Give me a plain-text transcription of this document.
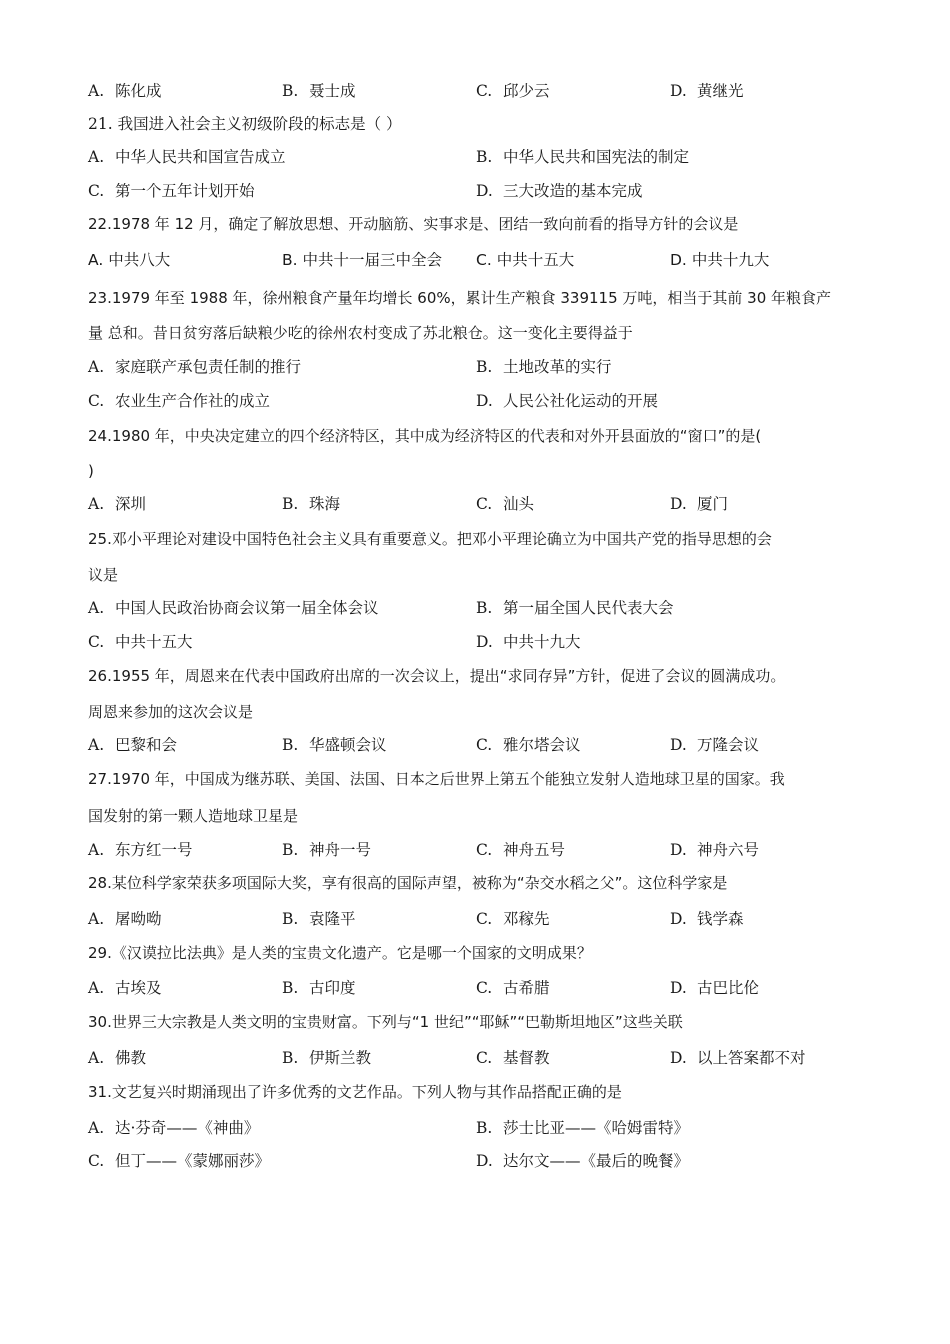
A. 陈化成	B. 聂士成	C. 邱少云	D. 黄继光
21. 我国进入社会主义初级阶段的标志是（ ）
A. 中华人民共和国宣告成立	B. 中华人民共和国宪法的制定
C. 第一个五年计划开始	D. 三大改造的基本完成
22.1978 年 12 月，确定了解放思想、开动脑筋、实事求是、团结一致向前看的指导方针的会议是
A. 中共八大	B. 中共十一届三中全会 C. 中共十五大	D. 中共十九大
23.1979 年至 1988 年，徐州粮食产量年均增长 60%，累计生产粮食 339115 万吨，相当于其前 30 年粮食产
量 总和。昔日贫穷落后缺粮少吃的徐州农村变成了苏北粮仓。这一变化主要得益于
A. 家庭联产承包责任制的推行	B. 土地改革的实行
C. 农业生产合作社的成立	D. 人民公社化运动的开展
24.1980 年，中央决定建立的四个经济特区，其中成为经济特区的代表和对外开县面放的“窗口”的是(
)
A. 深圳	B. 珠海	C. 汕头	D. 厦门
25.邓小平理论对建设中国特色社会主义具有重要意义。把邓小平理论确立为中国共产党的指导思想的会
议是
A. 中国人民政治协商会议第一届全体会议	B. 第一届全国人民代表大会
C. 中共十五大	D. 中共十九大
26.1955 年，周恩来在代表中国政府出席的一次会议上，提出“求同存异”方针，促进了会议的圆满成功。
周恩来参加的这次会议是
A. 巴黎和会	B. 华盛顿会议	C. 雅尔塔会议	D. 万隆会议
27.1970 年，中国成为继苏联、美国、法国、日本之后世界上第五个能独立发射人造地球卫星的国家。我
国发射的第一颗人造地球卫星是
A. 东方红一号	B. 神舟一号	C. 神舟五号	D. 神舟六号
28.某位科学家荣获多项国际大奖，享有很高的国际声望，被称为“杂交水稻之父”。这位科学家是
A. 屠呦呦	B. 袁隆平	C. 邓稼先	D. 钱学森
29.《汉谟拉比法典》是人类的宝贵文化遗产。它是哪一个国家的文明成果？
A. 古埃及	B. 古印度	C. 古希腊	D. 古巴比伦
30.世界三大宗教是人类文明的宝贵财富。下列与“1 世纪”“耶稣”“巴勒斯坦地区”这些关联
A. 佛教	B. 伊斯兰教	C. 基督教	D. 以上答案都不对
31.文艺复兴时期涌现出了许多优秀的文艺作品。下列人物与其作品搭配正确的是
A. 达·芬奇——《神曲》	B. 莎士比亚——《哈姆雷特》
C. 但丁——《蒙娜丽莎》	D. 达尔文——《最后的晚餐》
